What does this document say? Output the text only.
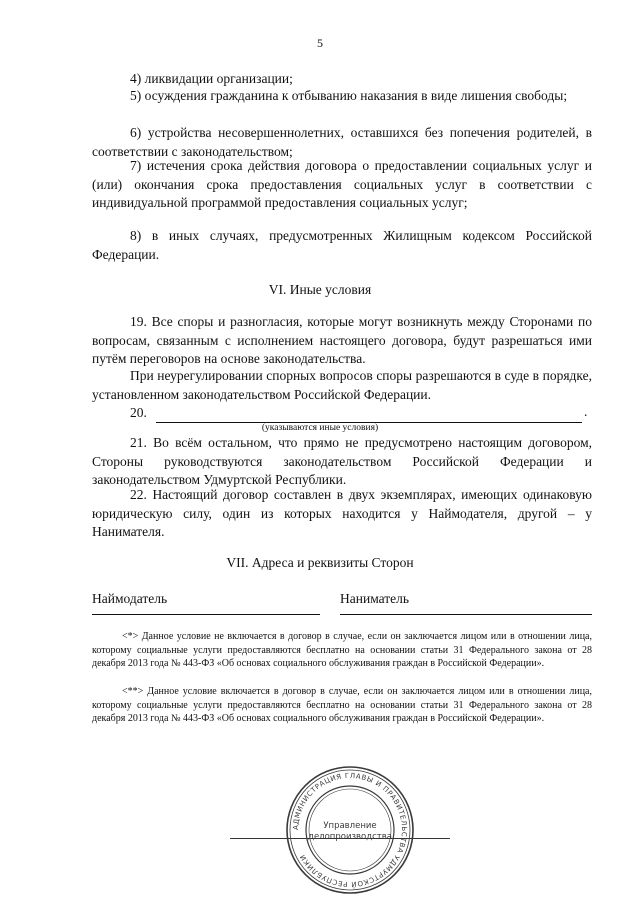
5

4) ликвидации организации;

5) осуждения гражданина к отбыванию наказания в виде лишения свободы;

6) устройства несовершеннолетних, оставшихся без попечения родителей, в соответствии с законодательством;

7) истечения срока действия договора о предоставлении социальных услуг и (или) окончания срока предоставления социальных услуг в соответствии с индивидуальной программой предоставления социальных услуг;

8) в иных случаях, предусмотренных Жилищным кодексом Российской Федерации.

VI. Иные условия

19. Все споры и разногласия, которые могут возникнуть между Сторонами по вопросам, связанным с исполнением настоящего договора, будут разрешаться ими путём переговоров на основе законодательства.

При неурегулировании спорных вопросов споры разрешаются в суде в порядке, установленном законодательством Российской Федерации.

20.	.
(указываются иные условия)

21. Во всём остальном, что прямо не предусмотрено настоящим договором, Стороны руководствуются законодательством Российской Федерации и законодательством Удмуртской Республики.

22. Настоящий договор составлен в двух экземплярах, имеющих одинаковую юридическую силу, один из которых находится у Наймодателя, другой – у Нанимателя.

VII. Адреса и реквизиты Сторон
Наймодатель	Наниматель

<*> Данное условие не включается в договор в случае, если он заключается лицом или в отношении лица, которому социальные услуги предоставляются бесплатно на основании статьи 31 Федерального закона от 28 декабря 2013 года № 443-ФЗ «Об основах социального обслуживания граждан в Российской Федерации».

<**> Данное условие включается в договор в случае, если он заключается лицом или в отношении лица, которому социальные услуги предоставляются бесплатно на основании статьи 31 Федерального закона от 28 декабря 2013 года № 443-ФЗ «Об основах социального обслуживания граждан в Российской Федерации».

АДМИНИСТРАЦИЯ ГЛАВЫ И ПРАВИТЕЛЬСТВА УДМУРТСКОЙ РЕСПУБЛИКИ
Управление
делопроизводства
